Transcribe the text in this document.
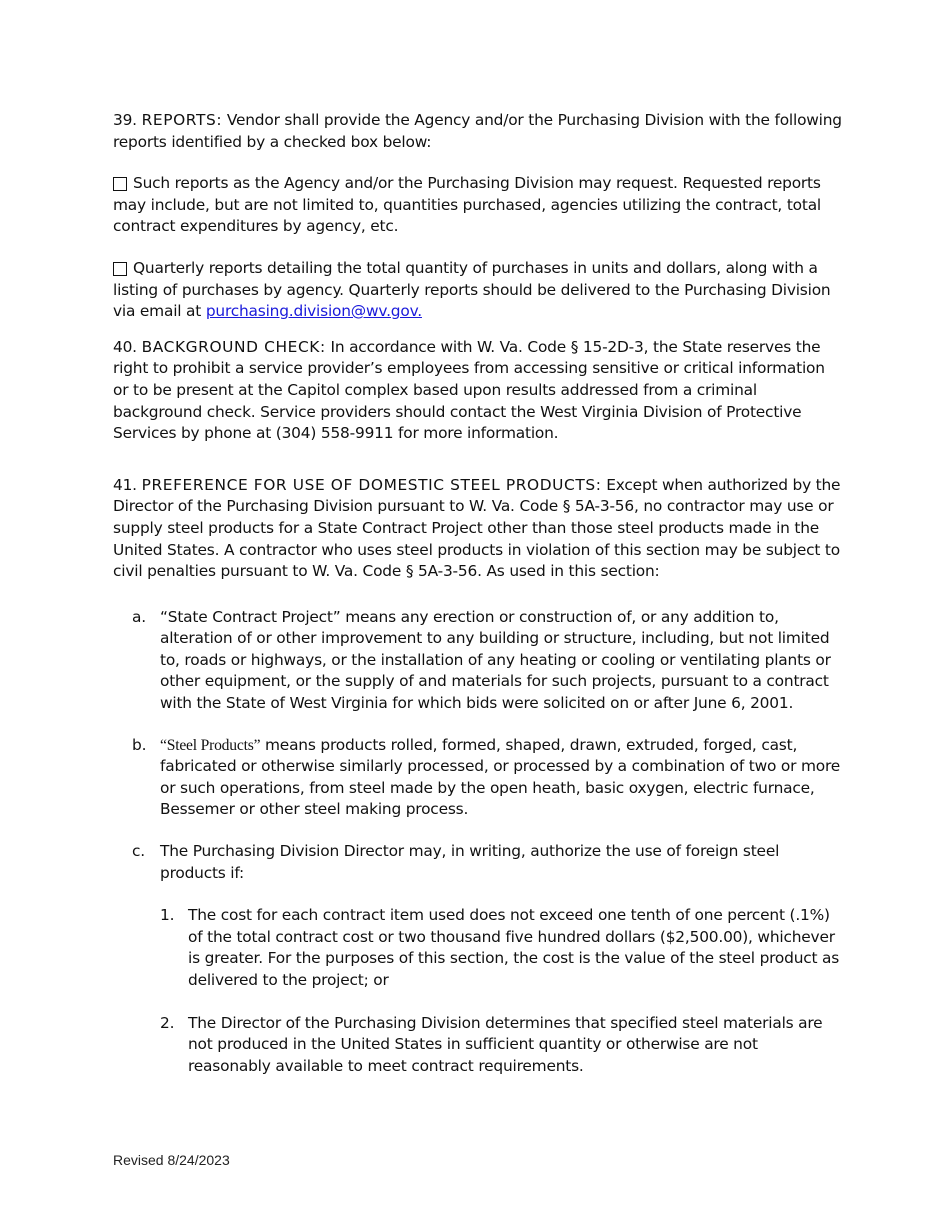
39. REPORTS: Vendor shall provide the Agency and/or the Purchasing Division with the following reports identified by a checked box below:

Such reports as the Agency and/or the Purchasing Division may request. Requested reports may include, but are not limited to, quantities purchased, agencies utilizing the contract, total contract expenditures by agency, etc.

Quarterly reports detailing the total quantity of purchases in units and dollars, along with a listing of purchases by agency. Quarterly reports should be delivered to the Purchasing Division via email at purchasing.division@wv.gov.

40. BACKGROUND CHECK: In accordance with W. Va. Code § 15-2D-3, the State reserves the right to prohibit a service provider’s employees from accessing sensitive or critical information or to be present at the Capitol complex based upon results addressed from a criminal background check. Service providers should contact the West Virginia Division of Protective Services by phone at (304) 558-9911 for more information.

41. PREFERENCE FOR USE OF DOMESTIC STEEL PRODUCTS: Except when authorized by the Director of the Purchasing Division pursuant to W. Va. Code § 5A-3-56, no contractor may use or supply steel products for a State Contract Project other than those steel products made in the United States. A contractor who uses steel products in violation of this section may be subject to civil penalties pursuant to W. Va. Code § 5A-3-56. As used in this section:

a. “State Contract Project” means any erection or construction of, or any addition to, alteration of or other improvement to any building or structure, including, but not limited to, roads or highways, or the installation of any heating or cooling or ventilating plants or other equipment, or the supply of and materials for such projects, pursuant to a contract with the State of West Virginia for which bids were solicited on or after June 6, 2001.
b. “Steel Products” means products rolled, formed, shaped, drawn, extruded, forged, cast, fabricated or otherwise similarly processed, or processed by a combination of two or more or such operations, from steel made by the open heath, basic oxygen, electric furnace, Bessemer or other steel making process.
c. The Purchasing Division Director may, in writing, authorize the use of foreign steel products if:
1. The cost for each contract item used does not exceed one tenth of one percent (.1%) of the total contract cost or two thousand five hundred dollars ($2,500.00), whichever is greater. For the purposes of this section, the cost is the value of the steel product as delivered to the project; or
2. The Director of the Purchasing Division determines that specified steel materials are not produced in the United States in sufficient quantity or otherwise are not reasonably available to meet contract requirements.
Revised 8/24/2023
